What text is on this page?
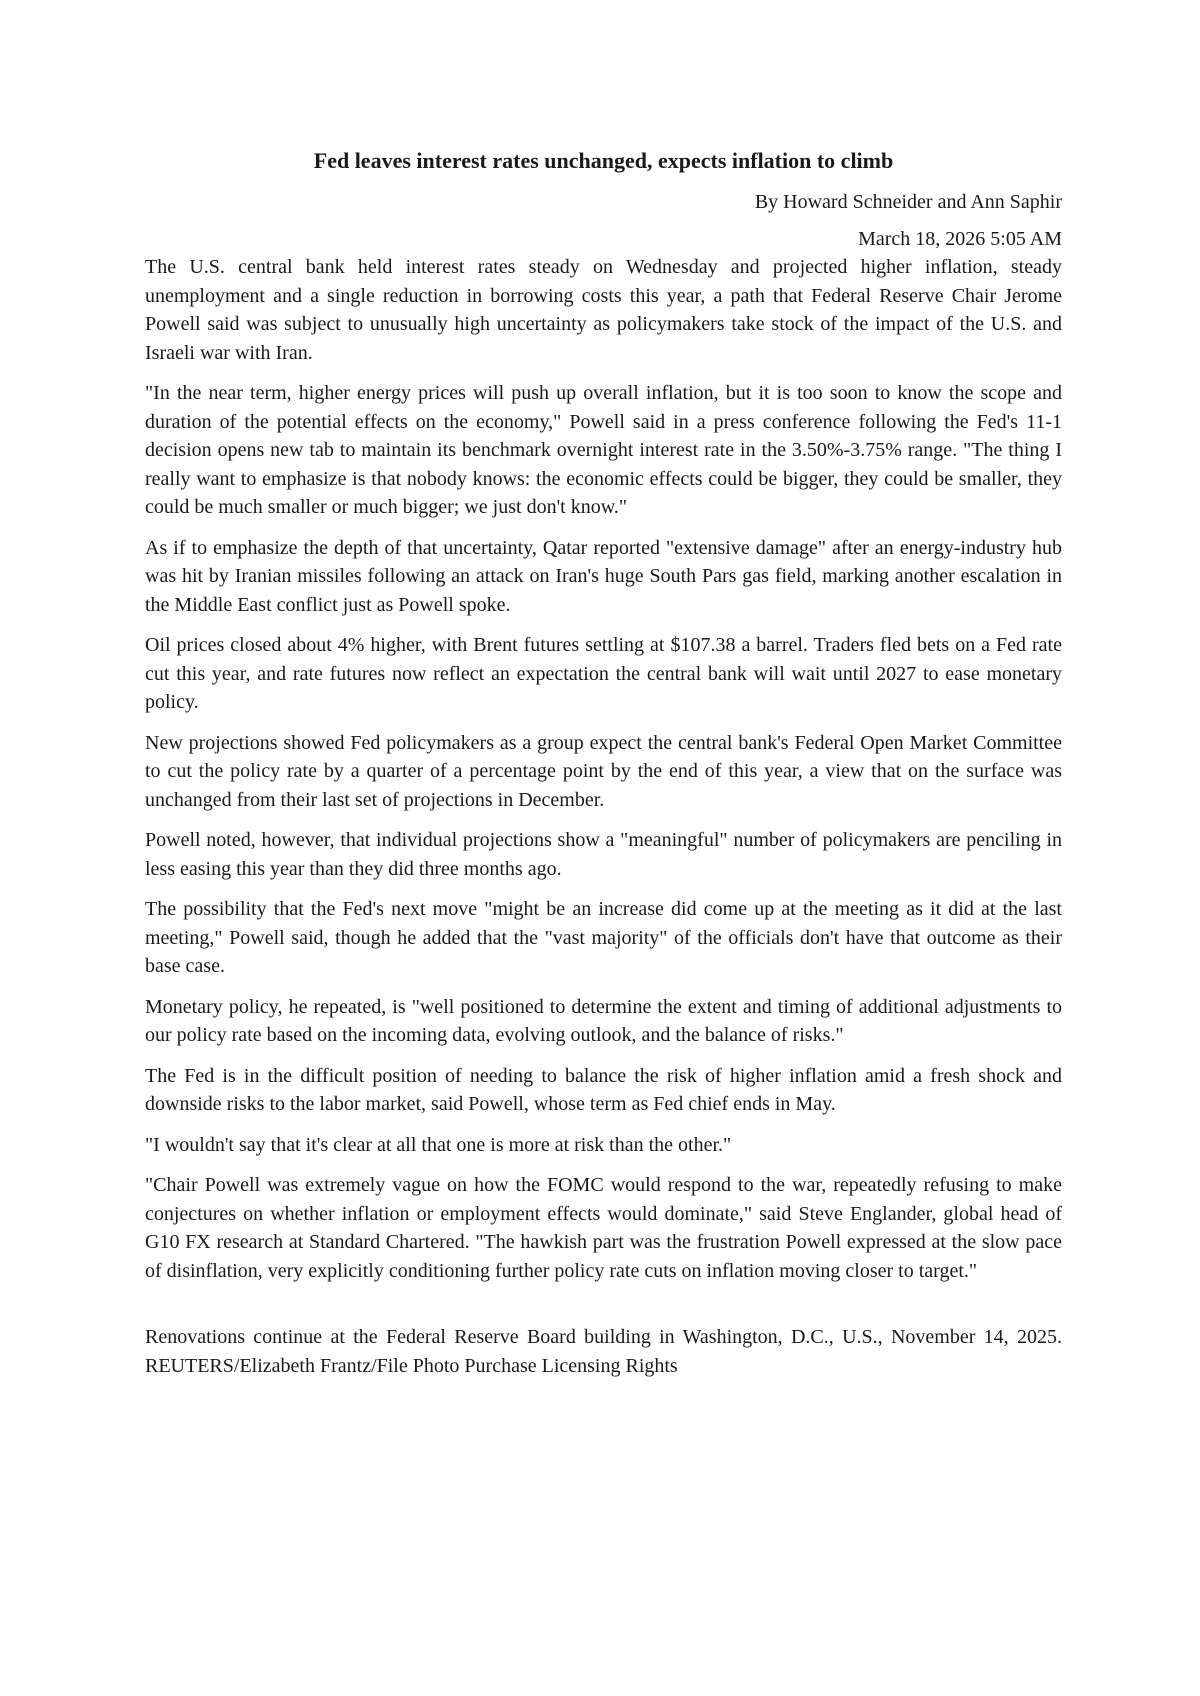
Fed leaves interest rates unchanged, expects inflation to climb
By Howard Schneider and Ann Saphir
March 18, 2026 5:05 AM

The U.S. central bank held interest rates steady on Wednesday and projected higher inflation, steady unemployment and a single reduction in borrowing costs this year, a path that Federal Reserve Chair Jerome Powell said was subject to unusually high uncertainty as policymakers take stock of the impact of the U.S. and Israeli war with Iran.

"In the near term, higher energy prices will push up overall inflation, but it is too soon to know the scope and duration of the potential effects on the economy," Powell said in a press conference following the Fed's 11-1 decision opens new tab to maintain its benchmark overnight interest rate in the 3.50%-3.75% range. "The thing I really want to emphasize is that nobody knows: the economic effects could be bigger, they could be smaller, they could be much smaller or much bigger; we just don't know."

As if to emphasize the depth of that uncertainty, Qatar reported "extensive damage" after an energy-industry hub was hit by Iranian missiles following an attack on Iran's huge South Pars gas field, marking another escalation in the Middle East conflict just as Powell spoke.

Oil prices closed about 4% higher, with Brent futures settling at $107.38 a barrel. Traders fled bets on a Fed rate cut this year, and rate futures now reflect an expectation the central bank will wait until 2027 to ease monetary policy.

New projections showed Fed policymakers as a group expect the central bank's Federal Open Market Committee to cut the policy rate by a quarter of a percentage point by the end of this year, a view that on the surface was unchanged from their last set of projections in December.

Powell noted, however, that individual projections show a "meaningful" number of policymakers are penciling in less easing this year than they did three months ago.

The possibility that the Fed's next move "might be an increase did come up at the meeting as it did at the last meeting," Powell said, though he added that the "vast majority" of the officials don't have that outcome as their base case.

Monetary policy, he repeated, is "well positioned to determine the extent and timing of additional adjustments to our policy rate based on the incoming data, evolving outlook, and the balance of risks."

The Fed is in the difficult position of needing to balance the risk of higher inflation amid a fresh shock and downside risks to the labor market, said Powell, whose term as Fed chief ends in May.

"I wouldn't say that it's clear at all that one is more at risk than the other."

"Chair Powell was extremely vague on how the FOMC would respond to the war, repeatedly refusing to make conjectures on whether inflation or employment effects would dominate," said Steve Englander, global head of G10 FX research at Standard Chartered. "The hawkish part was the frustration Powell expressed at the slow pace of disinflation, very explicitly conditioning further policy rate cuts on inflation moving closer to target."

Renovations continue at the Federal Reserve Board building in Washington, D.C., U.S., November 14, 2025. REUTERS/Elizabeth Frantz/File Photo Purchase Licensing Rights
